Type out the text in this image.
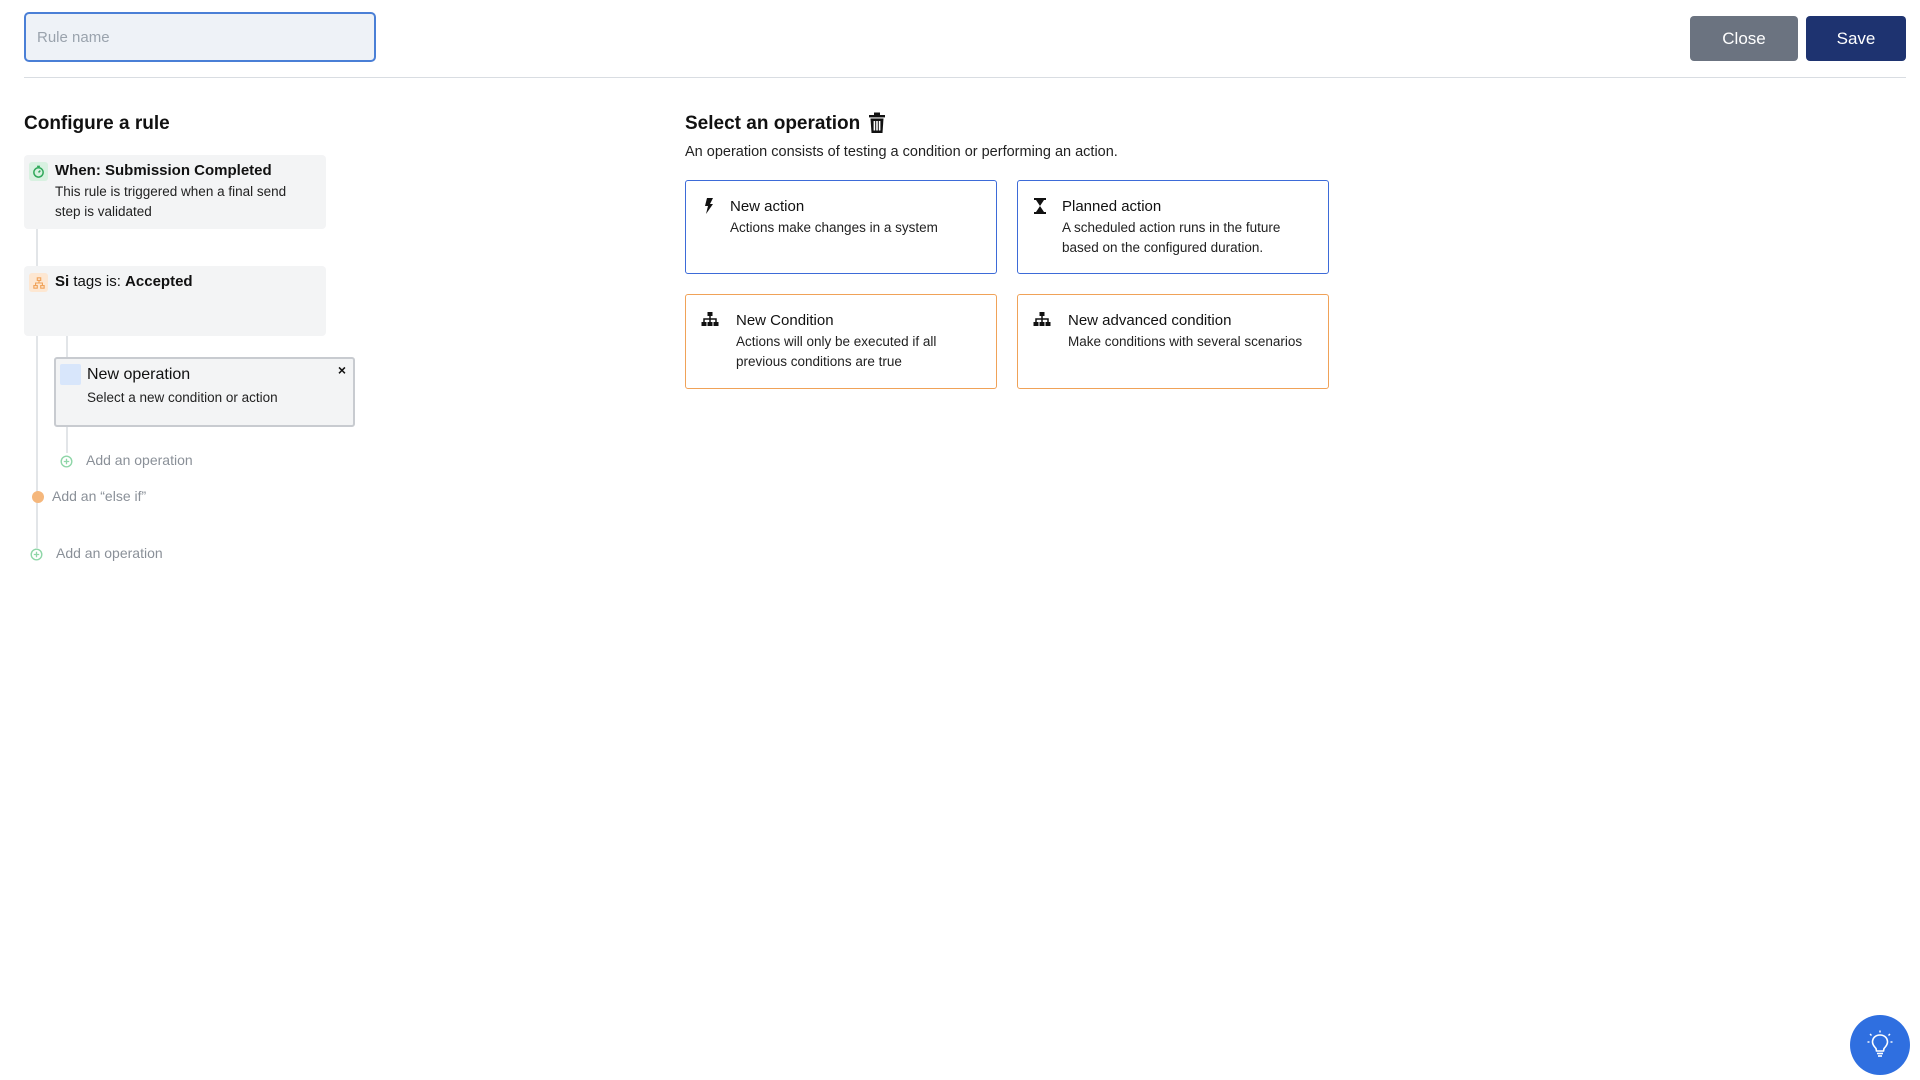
Rule name
Close	Save
Configure a rule
When: Submission Completed
This rule is triggered when a final send step is validated
Si tags is: Accepted
New operation
Select a new condition or action
×
Add an operation
Add an “else if”
Add an operation
Select an operation
An operation consists of testing a condition or performing an action.
New action
Actions make changes in a system
Planned action
A scheduled action runs in the future based on the configured duration.
New Condition
Actions will only be executed if all previous conditions are true
New advanced condition
Make conditions with several scenarios
